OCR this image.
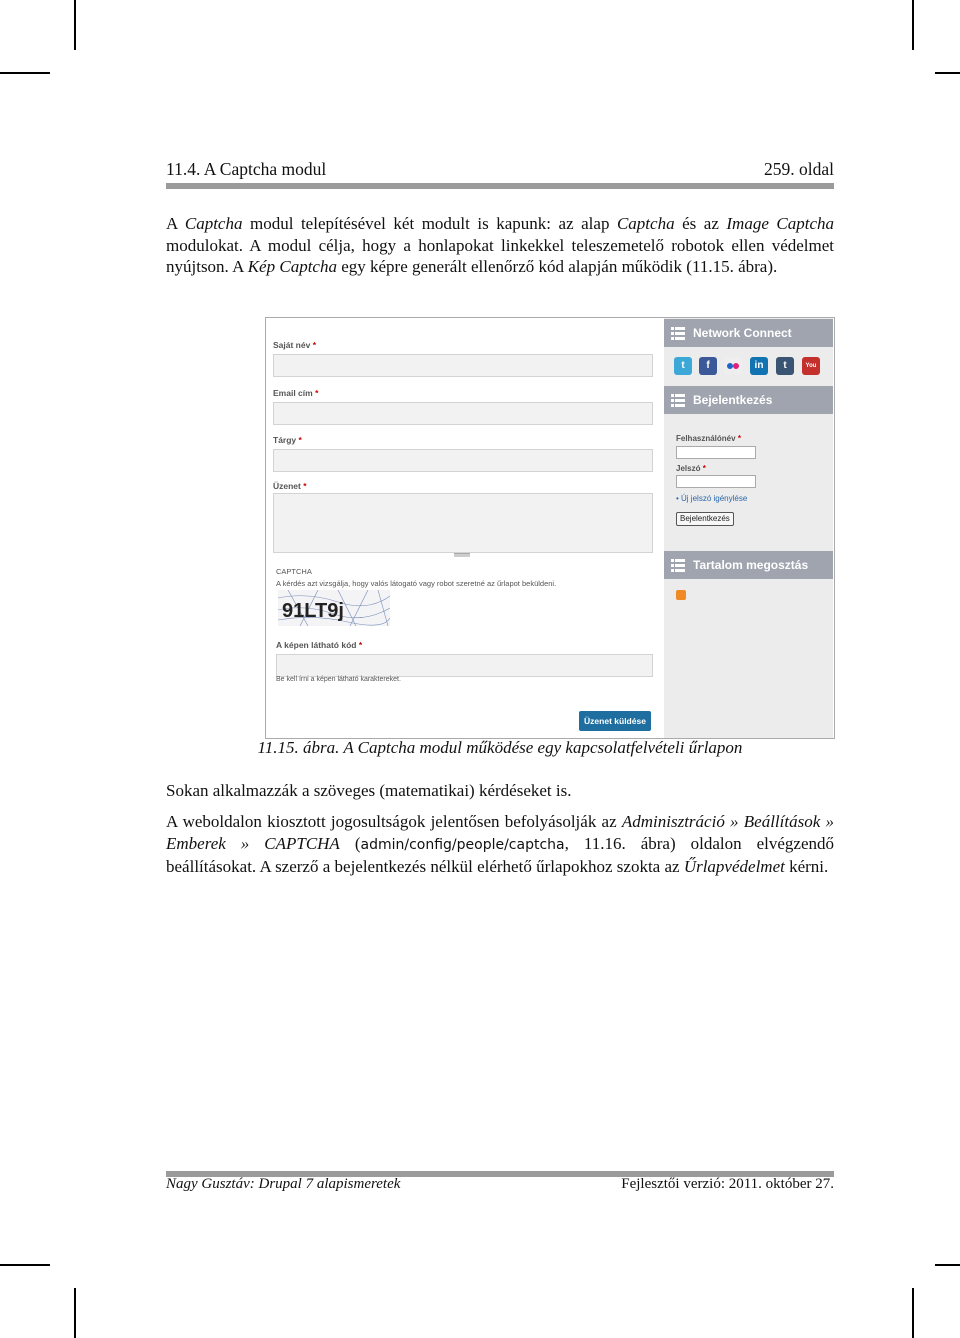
11.4. A Captcha modul	259. oldal
A Captcha modul telepítésével két modult is kapunk: az alap Captcha és az Image Captcha modulokat. A modul célja, hogy a honlapokat linkekkel teleszemetelő robotok ellen védelmet nyújtson. A Kép Captcha egy képre generált ellenőrző kód alapján működik (11.15. ábra).
Saját név *
Email cím *
Tárgy *
Üzenet *
CAPTCHA
A kérdés azt vizsgálja, hogy valós látogató vagy robot szeretné az űrlapot beküldeni.
91LT9j
A képen látható kód *
Be kell írni a képen látható karaktereket.
Üzenet küldése
Network Connect
t	f	in	t	You
Bejelentkezés
Felhasználónév *
Jelszó *
• Új jelszó igénylése
Bejelentkezés
Tartalom megosztás
11.15. ábra. A Captcha modul működése egy kapcsolatfelvételi űrlapon
Sokan alkalmazzák a szöveges (matematikai) kérdéseket is.
A weboldalon kiosztott jogosultságok jelentősen befolyásolják az Adminisztráció » Beállítások » Emberek » CAPTCHA (admin/config/people/captcha, 11.16. ábra) oldalon elvégzendő beállításokat. A szerző a bejelentkezés nélkül elérhető űrlapokhoz szokta az Űrlapvédelmet kérni.
Nagy Gusztáv: Drupal 7 alapismeretek	Fejlesztői verzió: 2011. október 27.
